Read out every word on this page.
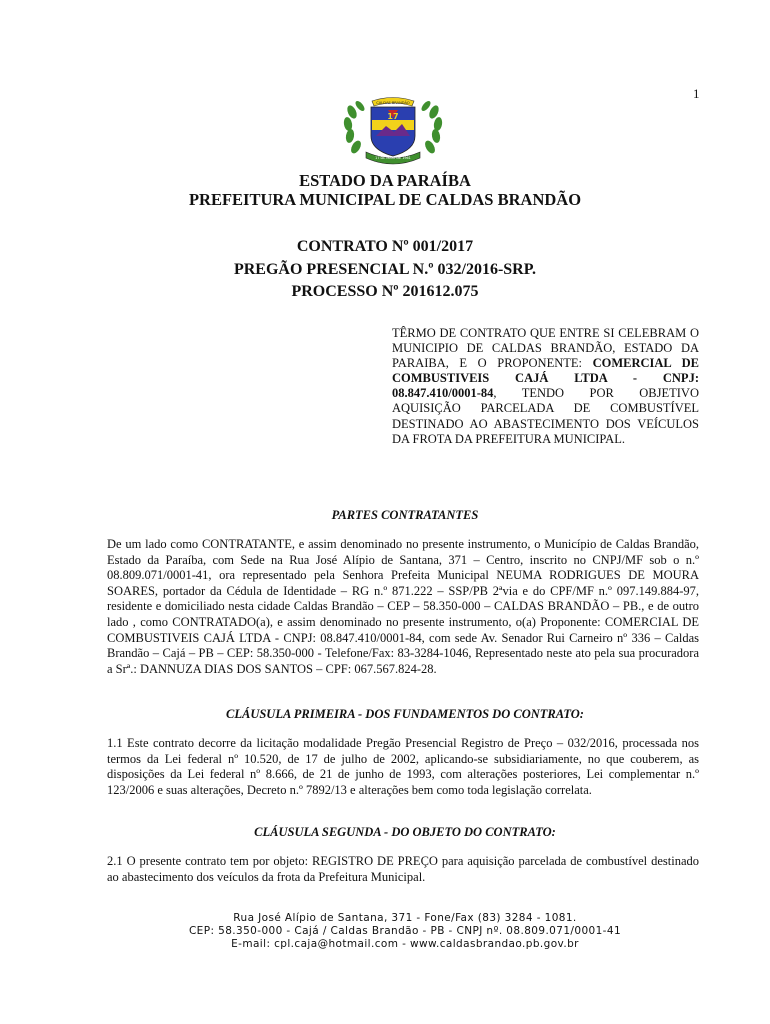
1
CALDAS BRANDÃO
17
17 DE MAIO DE 1961
ESTADO DA PARAÍBA
PREFEITURA MUNICIPAL DE CALDAS BRANDÃO
CONTRATO Nº 001/2017
PREGÃO PRESENCIAL N.º 032/2016-SRP.
PROCESSO Nº 201612.075
TÊRMO DE CONTRATO QUE ENTRE SI CELEBRAM O MUNICIPIO DE CALDAS BRANDÃO, ESTADO DA PARAIBA, E O PROPONENTE: COMERCIAL DE COMBUSTIVEIS CAJÁ LTDA - CNPJ: 08.847.410/0001-84, TENDO POR OBJETIVO AQUISIÇÃO PARCELADA DE COMBUSTÍVEL DESTINADO AO ABASTECIMENTO DOS VEÍCULOS DA FROTA DA PREFEITURA MUNICIPAL.
PARTES CONTRATANTES
De um lado como CONTRATANTE, e assim denominado no presente instrumento, o Município de Caldas Brandão, Estado da Paraíba, com Sede na Rua José Alípio de Santana, 371 – Centro, inscrito no CNPJ/MF sob o n.º 08.809.071/0001-41, ora representado pela Senhora Prefeita Municipal NEUMA RODRIGUES DE MOURA SOARES, portador da Cédula de Identidade – RG n.º 871.222 – SSP/PB 2ªvia e do CPF/MF n.º 097.149.884-97, residente e domiciliado nesta cidade Caldas Brandão – CEP – 58.350-000 – CALDAS BRANDÃO – PB., e de outro lado , como CONTRATADO(a), e assim denominado no presente instrumento, o(a) Proponente: COMERCIAL DE COMBUSTIVEIS CAJÁ LTDA - CNPJ: 08.847.410/0001-84, com sede Av. Senador Rui Carneiro nº 336 – Caldas Brandão – Cajá – PB – CEP: 58.350-000 - Telefone/Fax: 83-3284-1046, Representado neste ato pela sua procuradora a Srª.: DANNUZA DIAS DOS SANTOS – CPF: 067.567.824-28.
CLÁUSULA PRIMEIRA - DOS FUNDAMENTOS DO CONTRATO:
1.1 Este contrato decorre da licitação modalidade Pregão Presencial Registro de Preço – 032/2016, processada nos termos da Lei federal nº 10.520, de 17 de julho de 2002, aplicando-se subsidiariamente, no que couberem, as disposições da Lei federal nº 8.666, de 21 de junho de 1993, com alterações posteriores, Lei complementar n.º 123/2006 e suas alterações, Decreto n.º 7892/13 e alterações bem como toda legislação correlata.
CLÁUSULA SEGUNDA - DO OBJETO DO CONTRATO:
2.1 O presente contrato tem por objeto: REGISTRO DE PREÇO para aquisição parcelada de combustível destinado ao abastecimento dos veículos da frota da Prefeitura Municipal.
Rua José Alípio de Santana, 371 - Fone/Fax (83) 3284 - 1081.
CEP: 58.350-000 - Cajá / Caldas Brandão - PB - CNPJ nº. 08.809.071/0001-41
E-mail: cpl.caja@hotmail.com - www.caldasbrandao.pb.gov.br
